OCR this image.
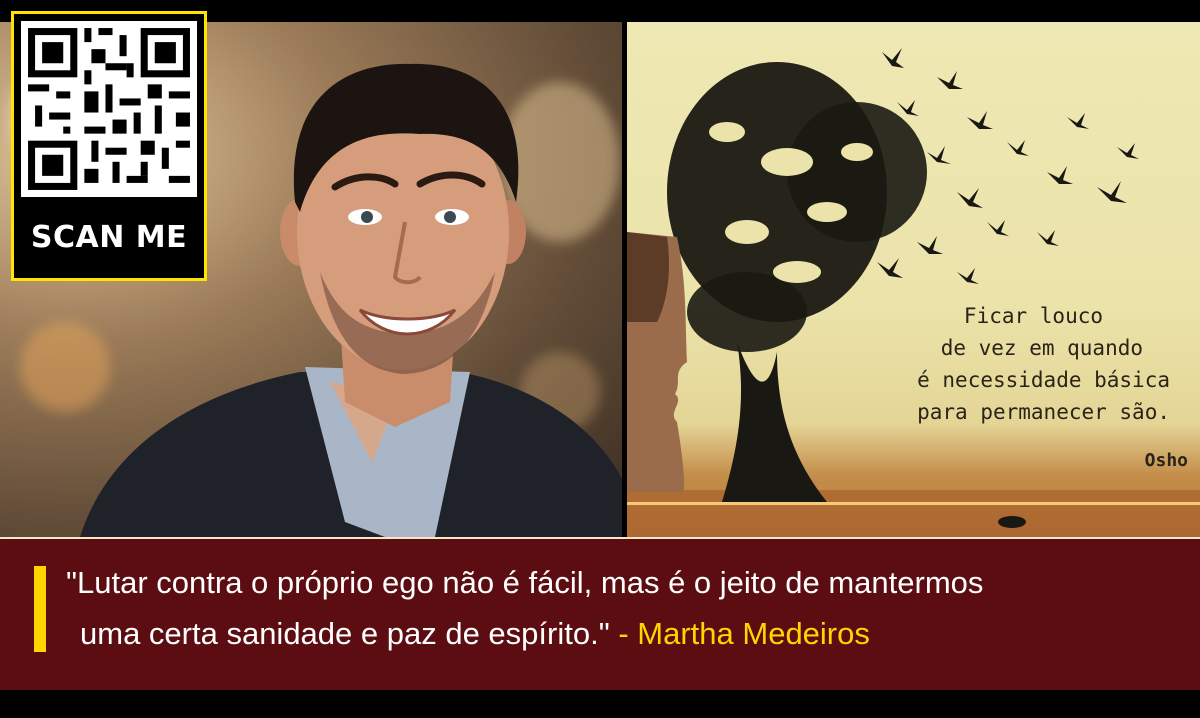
SCAN ME
Ficar louco
de vez em quando
é necessidade básica
para permanecer são.
Osho
"Lutar contra o próprio ego não é fácil, mas é o jeito de mantermos
uma certa sanidade e paz de espírito." - Martha Medeiros
